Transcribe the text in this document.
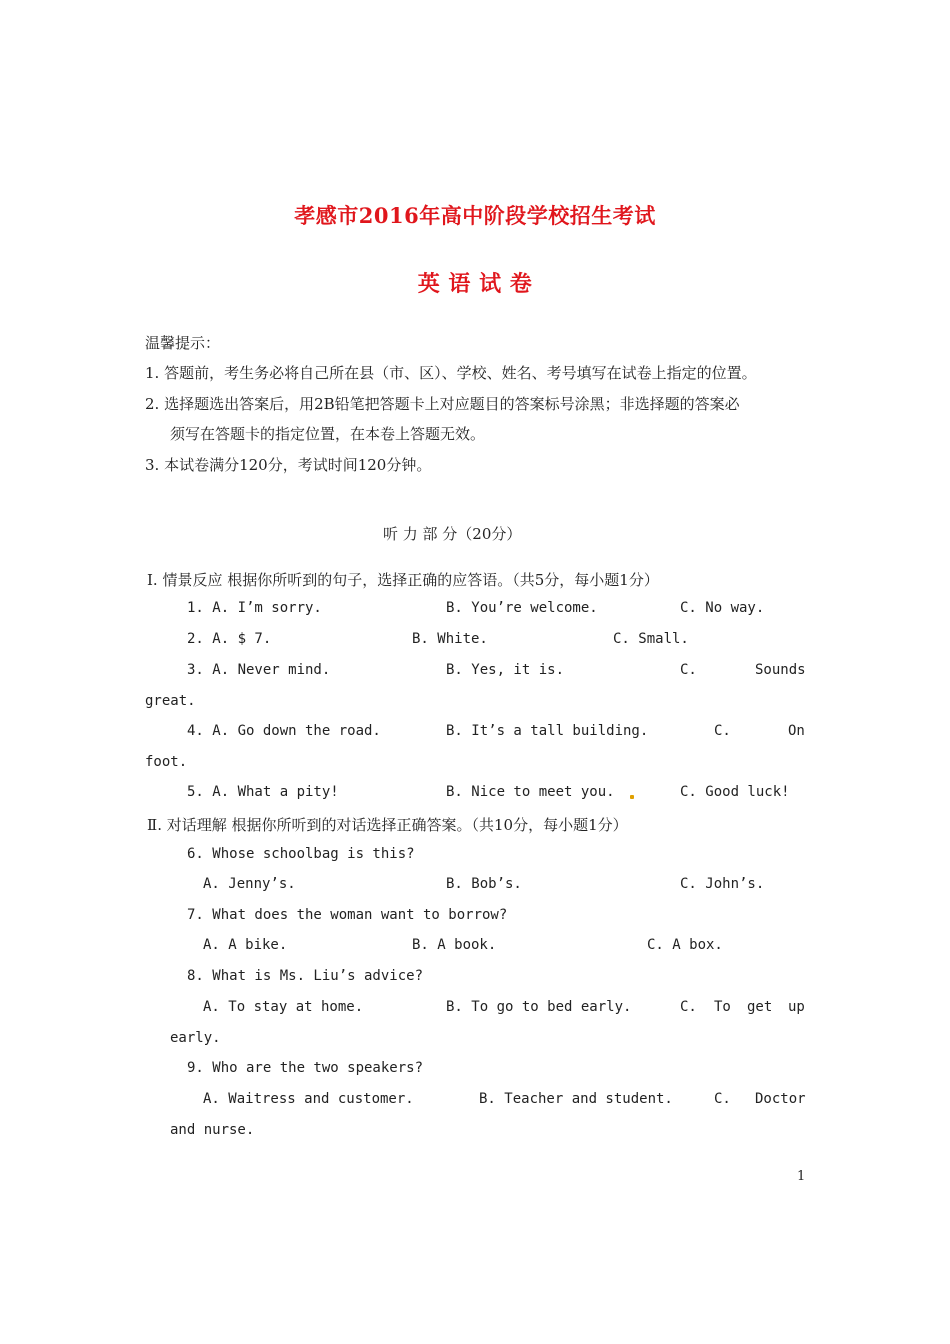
孝感市2016年高中阶段学校招生考试
英 语 试 卷
温馨提示：
1. 答题前，考生务必将自己所在县（市、区）、学校、姓名、考号填写在试卷上指定的位置。
2. 选择题选出答案后，用2B铅笔把答题卡上对应题目的答案标号涂黑；非选择题的答案必
须写在答题卡的指定位置，在本卷上答题无效。
3. 本试卷满分120分，考试时间120分钟。
听 力 部 分（20分）
Ⅰ. 情景反应 根据你所听到的句子，选择正确的应答语。（共5分，每小题1分）
1. A. I’m sorry.	B. You’re welcome.	C. No way.
2. A. $ 7.	B. White.	C. Small.
3. A. Never mind.	B. Yes, it is.	C.	Sounds
great.
4. A. Go down the road.	B. It’s a tall building.	C.	On
foot.
5. A. What a pity!	B. Nice to meet you.	C. Good luck!
Ⅱ. 对话理解 根据你所听到的对话选择正确答案。（共10分，每小题1分）
6. Whose schoolbag is this?
A. Jenny’s.	B. Bob’s.	C. John’s.
7. What does the woman want to borrow?
A. A bike.	B. A book.	C. A box.
8. What is Ms. Liu’s advice?
A. To stay at home.	B. To go to bed early.	C. To get up
early.
9. Who are the two speakers?
A. Waitress and customer.	B. Teacher and student.	C. Doctor
and nurse.
1
